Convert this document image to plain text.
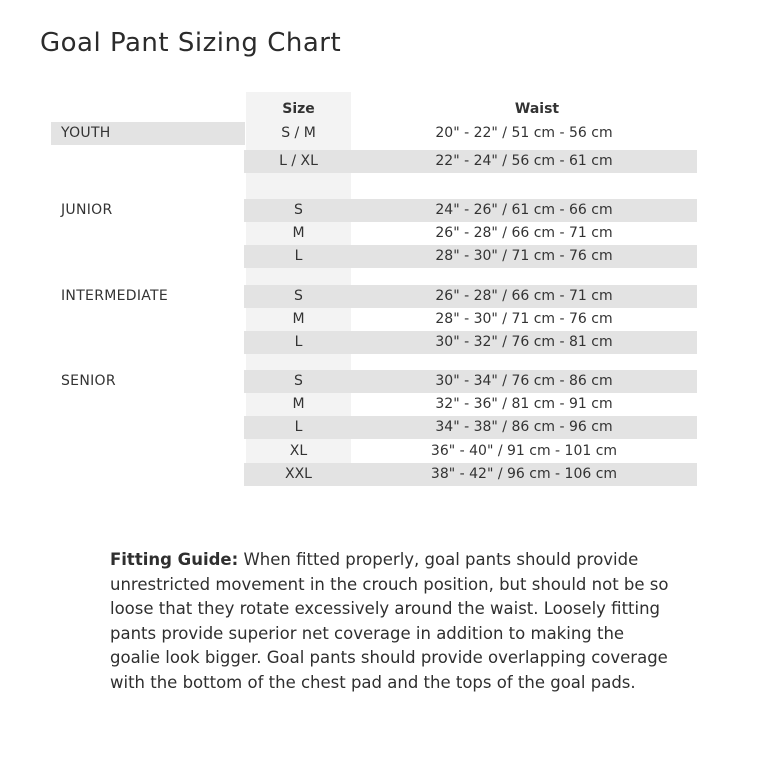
Goal Pant Sizing Chart
Size	Waist
YOUTH	S / M	20" - 22" / 51 cm - 56 cm
L / XL	22" - 24" / 56 cm - 61 cm
JUNIOR	S	24" - 26" / 61 cm - 66 cm
M	26" - 28" / 66 cm - 71 cm
L	28" - 30" / 71 cm - 76 cm
INTERMEDIATE	S	26" - 28" / 66 cm - 71 cm
M	28" - 30" / 71 cm - 76 cm
L	30" - 32" / 76 cm - 81 cm
SENIOR	S	30" - 34" / 76 cm - 86 cm
M	32" - 36" / 81 cm - 91 cm
L	34" - 38" / 86 cm - 96 cm
XL	36" - 40" / 91 cm - 101 cm
XXL	38" - 42" / 96 cm - 106 cm

Fitting Guide: When fitted properly, goal pants should provide unrestricted movement in the crouch position, but should not be so loose that they rotate excessively around the waist. Loosely fitting pants provide superior net coverage in addition to making the goalie look bigger. Goal pants should provide overlapping coverage with the bottom of the chest pad and the tops of the goal pads.
